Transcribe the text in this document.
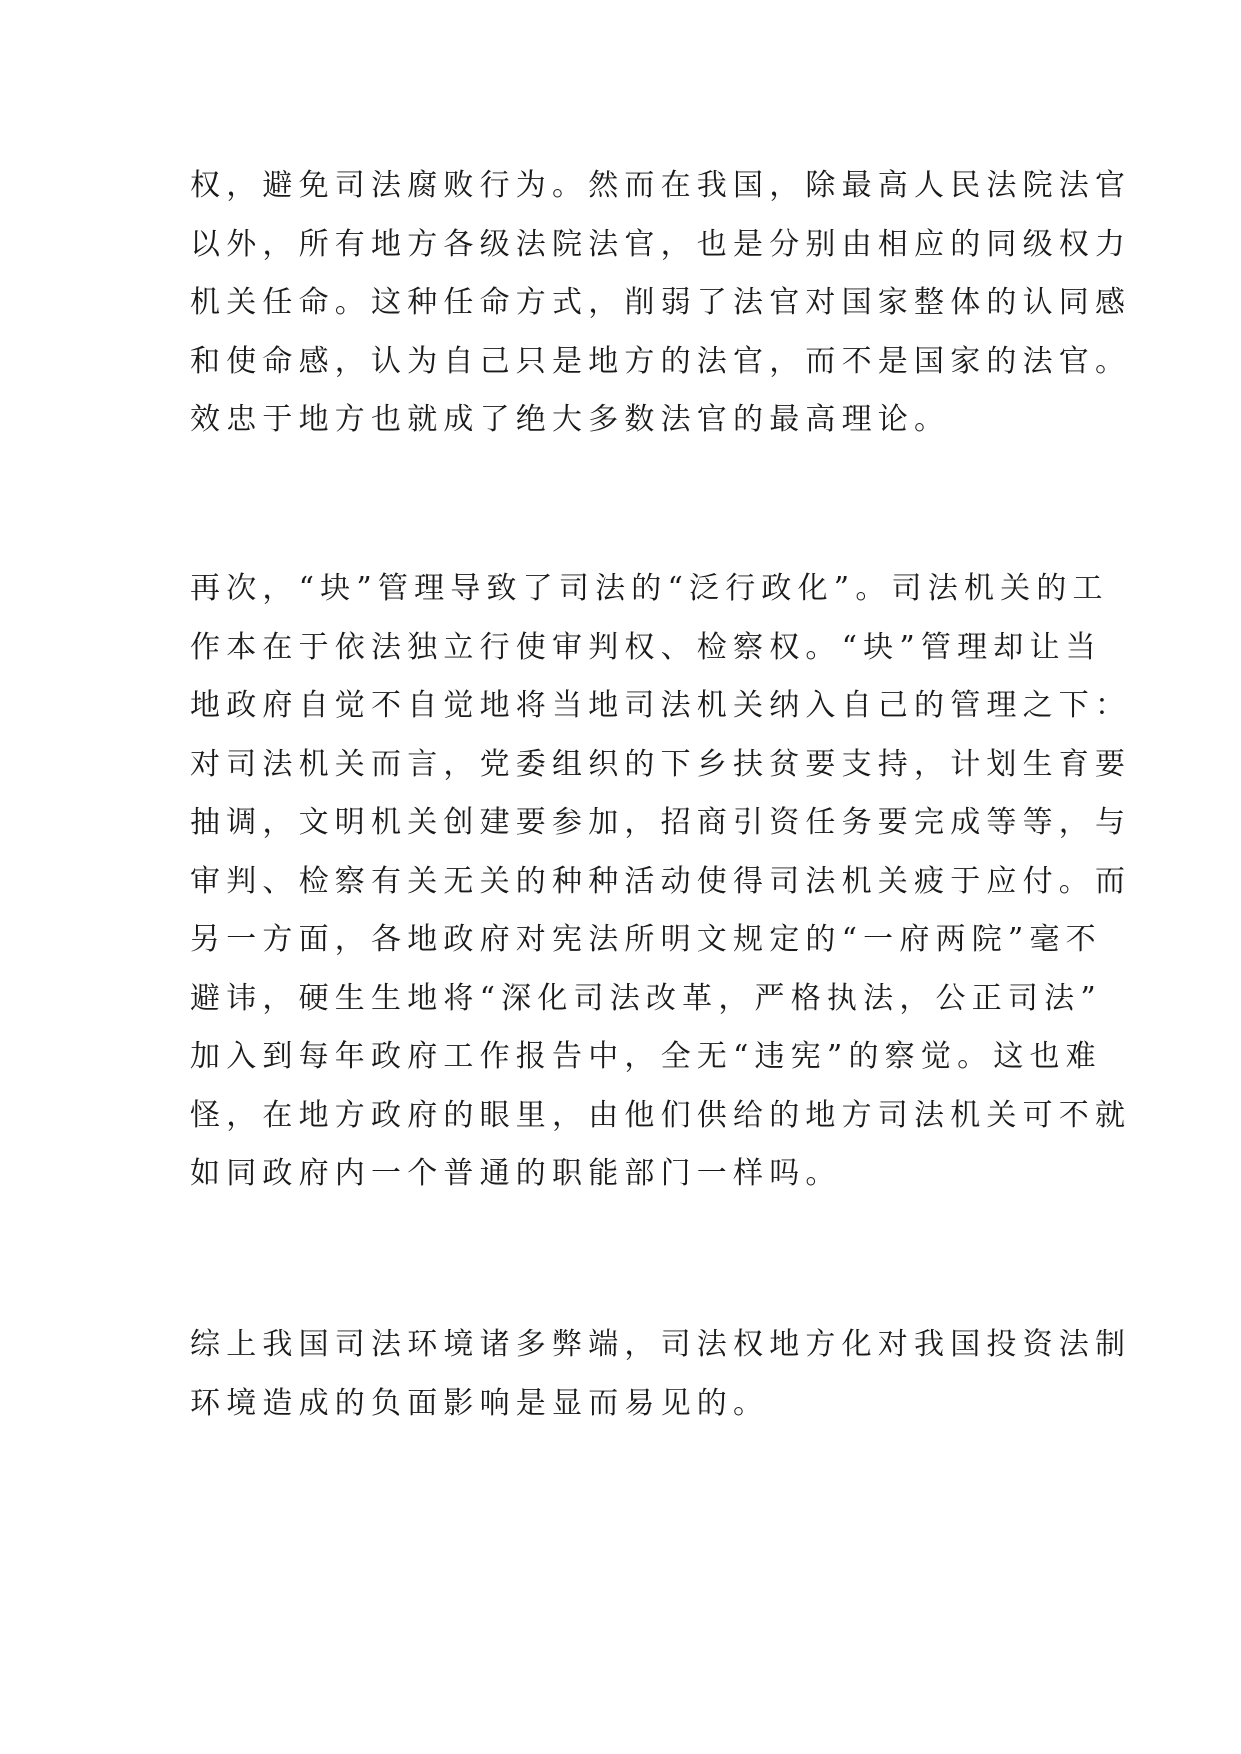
权，避免司法腐败行为。然而在我国，除最高人民法院法官
以外，所有地方各级法院法官，也是分别由相应的同级权力
机关任命。这种任命方式，削弱了法官对国家整体的认同感
和使命感，认为自己只是地方的法官，而不是国家的法官。
效忠于地方也就成了绝大多数法官的最高理论。
再次，“块”管理导致了司法的“泛行政化”。司法机关的工
作本在于依法独立行使审判权、检察权。“块”管理却让当
地政府自觉不自觉地将当地司法机关纳入自己的管理之下：
对司法机关而言，党委组织的下乡扶贫要支持，计划生育要
抽调，文明机关创建要参加，招商引资任务要完成等等，与
审判、检察有关无关的种种活动使得司法机关疲于应付。而
另一方面，各地政府对宪法所明文规定的“一府两院”毫不
避讳，硬生生地将“深化司法改革，严格执法，公正司法”
加入到每年政府工作报告中，全无“违宪”的察觉。这也难
怪，在地方政府的眼里，由他们供给的地方司法机关可不就
如同政府内一个普通的职能部门一样吗。
综上我国司法环境诸多弊端，司法权地方化对我国投资法制
环境造成的负面影响是显而易见的。
